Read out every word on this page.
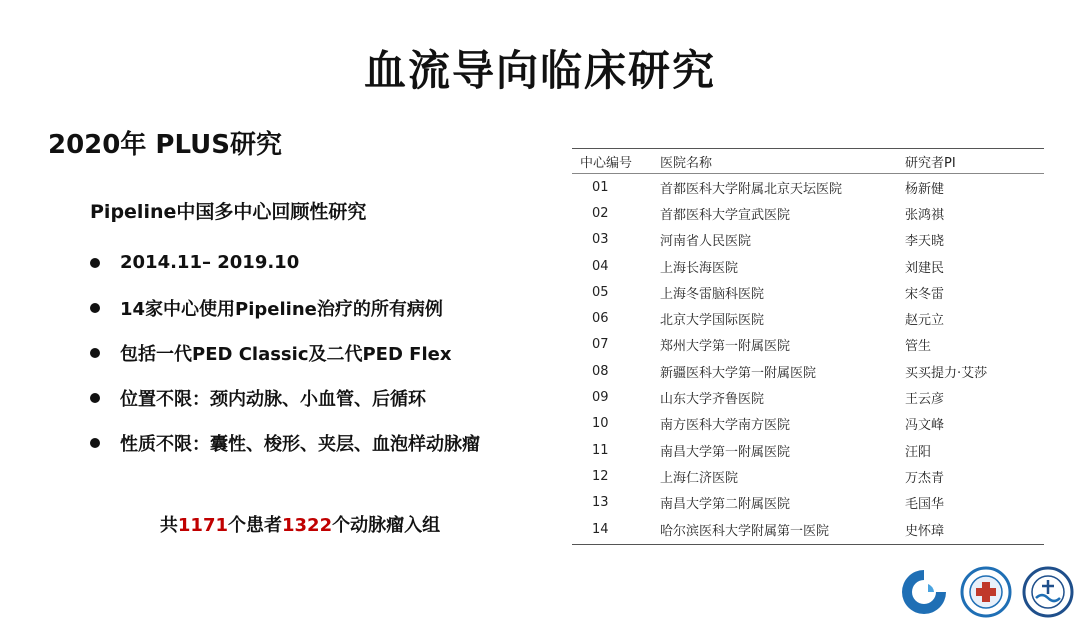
血流导向临床研究
2020年 PLUS研究
Pipeline中国多中心回顾性研究
2014.11– 2019.10
14家中心使用Pipeline治疗的所有病例
包括一代PED Classic及二代PED Flex
位置不限：颈内动脉、小血管、后循环
性质不限：囊性、梭形、夹层、血泡样动脉瘤
共1171个患者1322个动脉瘤入组
中心编号	医院名称	研究者PI
01	首都医科大学附属北京天坛医院	杨新健
02	首都医科大学宣武医院	张鸿祺
03	河南省人民医院	李天晓
04	上海长海医院	刘建民
05	上海冬雷脑科医院	宋冬雷
06	北京大学国际医院	赵元立
07	郑州大学第一附属医院	管生
08	新疆医科大学第一附属医院	买买提力·艾莎
09	山东大学齐鲁医院	王云彦
10	南方医科大学南方医院	冯文峰
11	南昌大学第一附属医院	汪阳
12	上海仁济医院	万杰青
13	南昌大学第二附属医院	毛国华
14	哈尔滨医科大学附属第一医院	史怀璋
